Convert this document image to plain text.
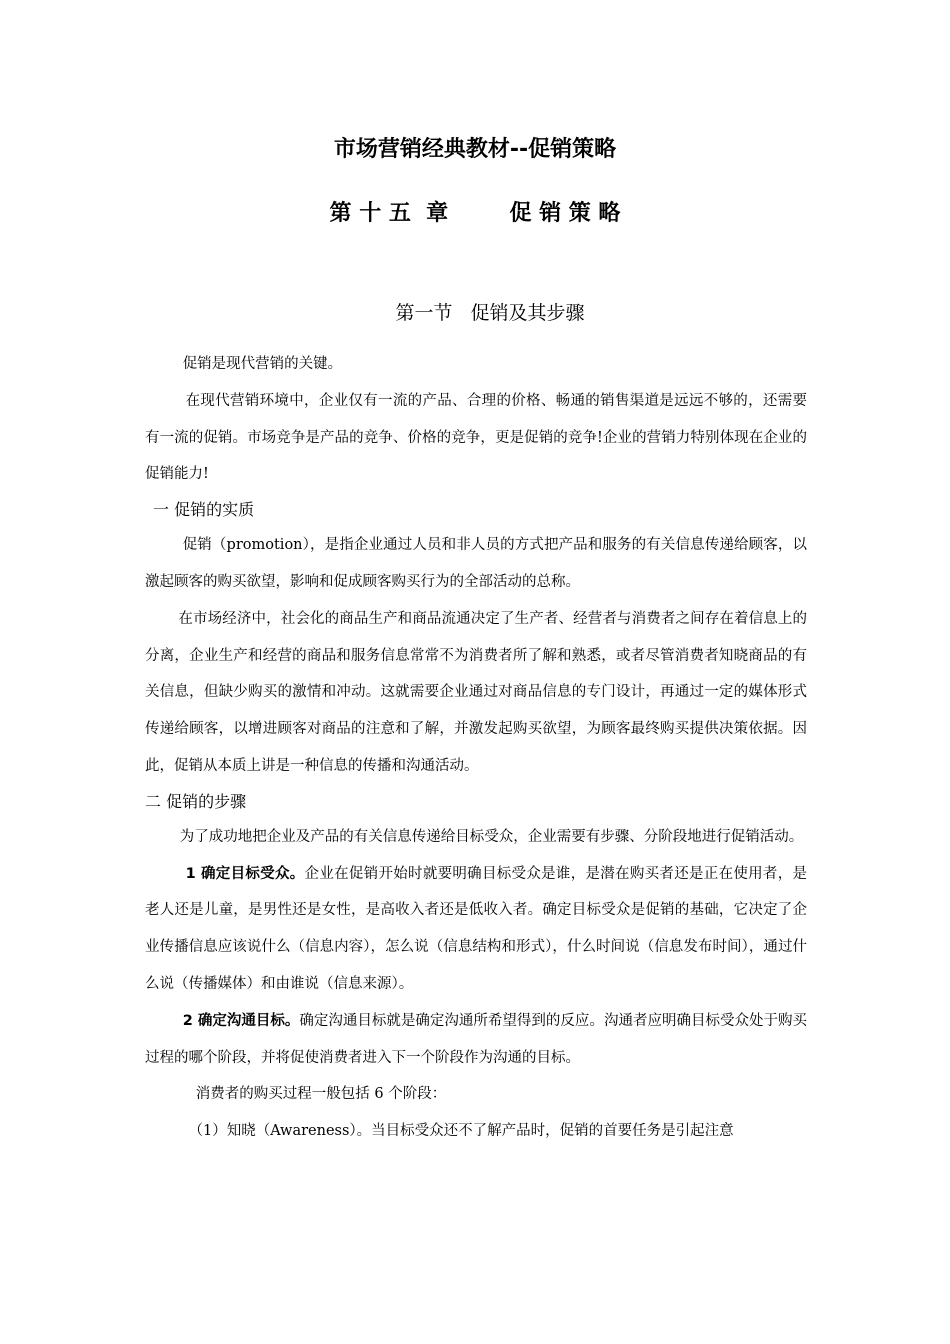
市场营销经典教材--促销策略
第 十 五  章        促 销 策 略
第一节   促销及其步骤

促销是现代营销的关键。

在现代营销环境中，企业仅有一流的产品、合理的价格、畅通的销售渠道是远远不够的，还需要有一流的促销。市场竞争是产品的竞争、价格的竞争，更是促销的竞争!企业的营销力特别体现在企业的促销能力!

一 促销的实质

促销（promotion），是指企业通过人员和非人员的方式把产品和服务的有关信息传递给顾客，以激起顾客的购买欲望，影响和促成顾客购买行为的全部活动的总称。

在市场经济中，社会化的商品生产和商品流通决定了生产者、经营者与消费者之间存在着信息上的分离，企业生产和经营的商品和服务信息常常不为消费者所了解和熟悉，或者尽管消费者知晓商品的有关信息，但缺少购买的激情和冲动。这就需要企业通过对商品信息的专门设计，再通过一定的媒体形式传递给顾客，以增进顾客对商品的注意和了解，并激发起购买欲望，为顾客最终购买提供决策依据。因此，促销从本质上讲是一种信息的传播和沟通活动。

二 促销的步骤

为了成功地把企业及产品的有关信息传递给目标受众，企业需要有步骤、分阶段地进行促销活动。

1 确定目标受众。企业在促销开始时就要明确目标受众是谁，是潜在购买者还是正在使用者，是老人还是儿童，是男性还是女性，是高收入者还是低收入者。确定目标受众是促销的基础，它决定了企业传播信息应该说什么（信息内容），怎么说（信息结构和形式），什么时间说（信息发布时间），通过什么说（传播媒体）和由谁说（信息来源）。

2 确定沟通目标。确定沟通目标就是确定沟通所希望得到的反应。沟通者应明确目标受众处于购买过程的哪个阶段，并将促使消费者进入下一个阶段作为沟通的目标。

消费者的购买过程一般包括 6 个阶段：

（1）知晓（Awareness）。当目标受众还不了解产品时，促销的首要任务是引起注意
